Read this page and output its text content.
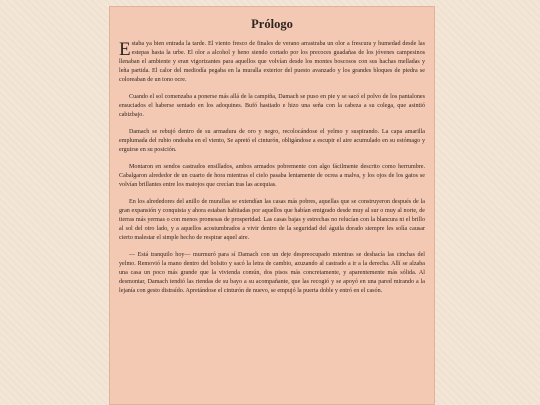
Prólogo

Estaba ya bien entrada la tarde. El viento fresco de finales de verano arrastraba un olor a frescura y humedad desde las estepas hasta la urbe. El olor a alcohol y heno siendo cortado por los precoces guadañas de los jóvenes campesinos llenaban el ambiente y eran vigorizantes para aquellos que volvían desde los montes boscosos con sus hachas melladas y leña partida. El calor del mediodía pegaba en la muralla exterior del puesto avanzado y los grandes bloques de piedra se coloreaban de un tono ocre.

Cuando el sol comenzaba a ponerse más allá de la campiña, Damach se puso en pie y se sacó el polvo de los pantalones ensuciados el haberse sentado en los adoquines. Bufó hastiado e hizo una seña con la cabeza a su colega, que asintió cabizbajo.

Damach se rebujó dentro de su armadura de oro y negro, recolocándose el yelmo y suspirando. La capa amarilla emplumada del rubio ondeaba en el viento, Se apretó el cinturón, obligándose a escupir el aire acumulado en su estómago y erguirse en su posición.

Montaron en sendos castrados ensillados, ambos armados pobremente con algo fácilmente descrito como herrumbre. Cabalgaron alrededor de un cuarto de hora mientras el cielo pasaba lentamente de ocrea a malva, y los ojos de los gatos se volvían brillantes entre los matojos que crecían tras las acequias.

En los alrededores del anillo de murallas se extendían las casas más pobres, aquellas que se construyeron después de la gran expansión y conquista y ahora estaban habitadas por aquellos que habían emigrado desde muy al sur o muy al norte, de tierras más yermas o con menos promesas de prosperidad. Las casas bajas y estrechas no relucían con la blancura ni el brillo al sol del otro lado, y a aquellos acostumbrados a vivir dentro de la seguridad del águila dorado siempre les solía causar cierto malestar el simple hecho de respirar aquel aire.

— Está tranquilo hoy— murmuró para sí Damach con un deje despreocupado mientras se deshacía las cinchas del yelmo. Removió la mano dentro del bolsito y sacó la letra de cambio, azuzando al castrado a ir a la derecha. Allí se alzaba una casa un poco más grande que la vivienda común, dos pisos más concretamente, y aparentemente más sólida. Al desmontar, Damach tendió las riendas de su bayo a su acompañante, que las recogió y se apoyó en una pared mirando a la lejanía con gesto distraído. Apretándose el cinturón de nuevo, se empujó la puerta doble y entró en el casón.
